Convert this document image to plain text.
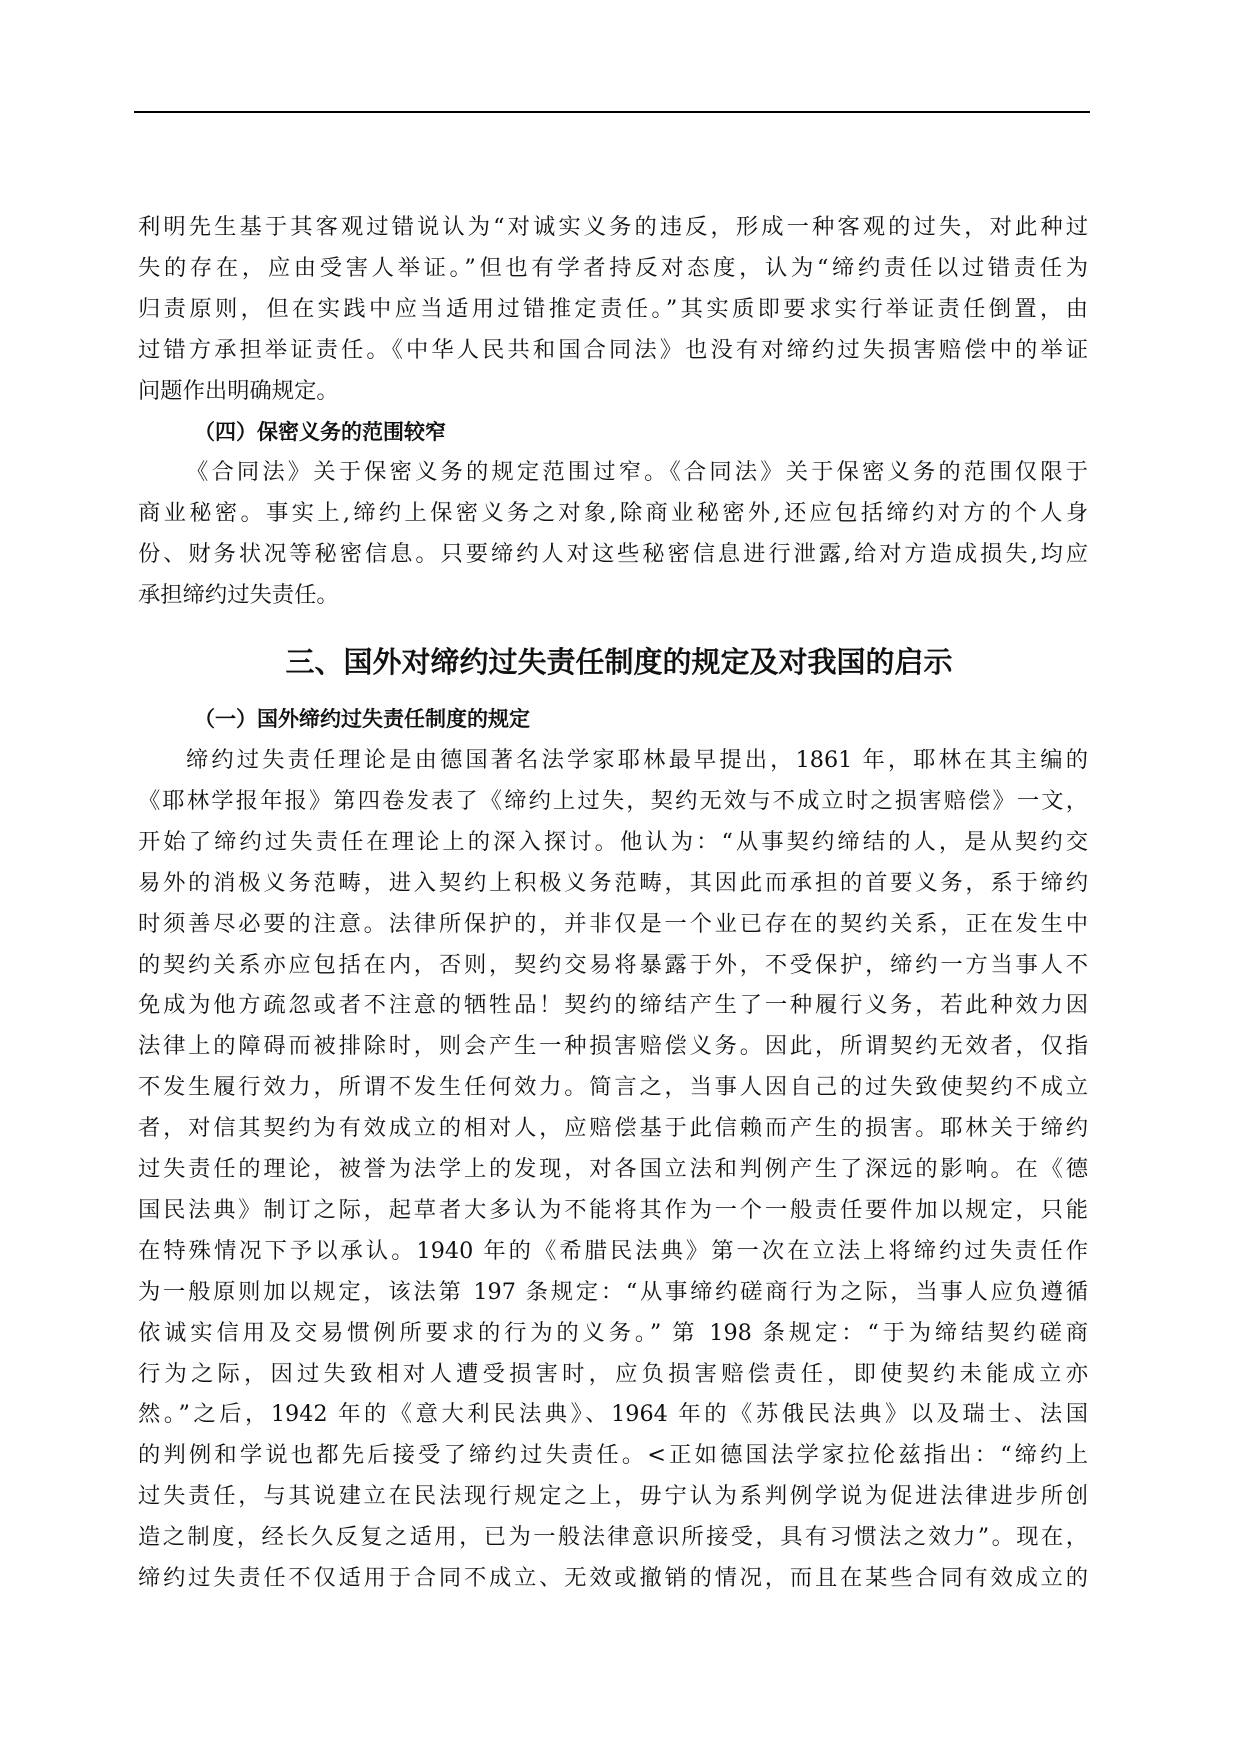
利明先生基于其客观过错说认为“对诚实义务的违反，形成一种客观的过失，对此种过

失的存在，应由受害人举证。”但也有学者持反对态度，认为“缔约责任以过错责任为

归责原则，但在实践中应当适用过错推定责任。”其实质即要求实行举证责任倒置，由

过错方承担举证责任。《中华人民共和国合同法》也没有对缔约过失损害赔偿中的举证

问题作出明确规定。

（四）保密义务的范围较窄

《合同法》关于保密义务的规定范围过窄。《合同法》关于保密义务的范围仅限于

商业秘密。事实上,缔约上保密义务之对象,除商业秘密外,还应包括缔约对方的个人身

份、财务状况等秘密信息。只要缔约人对这些秘密信息进行泄露,给对方造成损失,均应

承担缔约过失责任。

三、国外对缔约过失责任制度的规定及对我国的启示
（一）国外缔约过失责任制度的规定

缔约过失责任理论是由德国著名法学家耶林最早提出，1861 年，耶林在其主编的

《耶林学报年报》第四卷发表了《缔约上过失，契约无效与不成立时之损害赔偿》一文，

开始了缔约过失责任在理论上的深入探讨。他认为：“从事契约缔结的人，是从契约交

易外的消极义务范畴，进入契约上积极义务范畴，其因此而承担的首要义务，系于缔约

时须善尽必要的注意。法律所保护的，并非仅是一个业已存在的契约关系，正在发生中

的契约关系亦应包括在内，否则，契约交易将暴露于外，不受保护，缔约一方当事人不

免成为他方疏忽或者不注意的牺牲品！契约的缔结产生了一种履行义务，若此种效力因

法律上的障碍而被排除时，则会产生一种损害赔偿义务。因此，所谓契约无效者，仅指

不发生履行效力，所谓不发生任何效力。简言之，当事人因自己的过失致使契约不成立

者，对信其契约为有效成立的相对人，应赔偿基于此信赖而产生的损害。耶林关于缔约

过失责任的理论，被誉为法学上的发现，对各国立法和判例产生了深远的影响。在《德

国民法典》制订之际，起草者大多认为不能将其作为一个一般责任要件加以规定，只能

在特殊情况下予以承认。1940 年的《希腊民法典》第一次在立法上将缔约过失责任作

为一般原则加以规定，该法第 197 条规定：“从事缔约磋商行为之际，当事人应负遵循

依诚实信用及交易惯例所要求的行为的义务。” 第 198 条规定：“于为缔结契约磋商

行为之际，因过失致相对人遭受损害时，应负损害赔偿责任，即使契约未能成立亦

然。”之后，1942 年的《意大利民法典》、1964 年的《苏俄民法典》以及瑞士、法国

的判例和学说也都先后接受了缔约过失责任。<正如德国法学家拉伦兹指出：“缔约上

过失责任，与其说建立在民法现行规定之上，毋宁认为系判例学说为促进法律进步所创

造之制度，经长久反复之适用，已为一般法律意识所接受，具有习惯法之效力”。现在，

缔约过失责任不仅适用于合同不成立、无效或撤销的情况，而且在某些合同有效成立的
